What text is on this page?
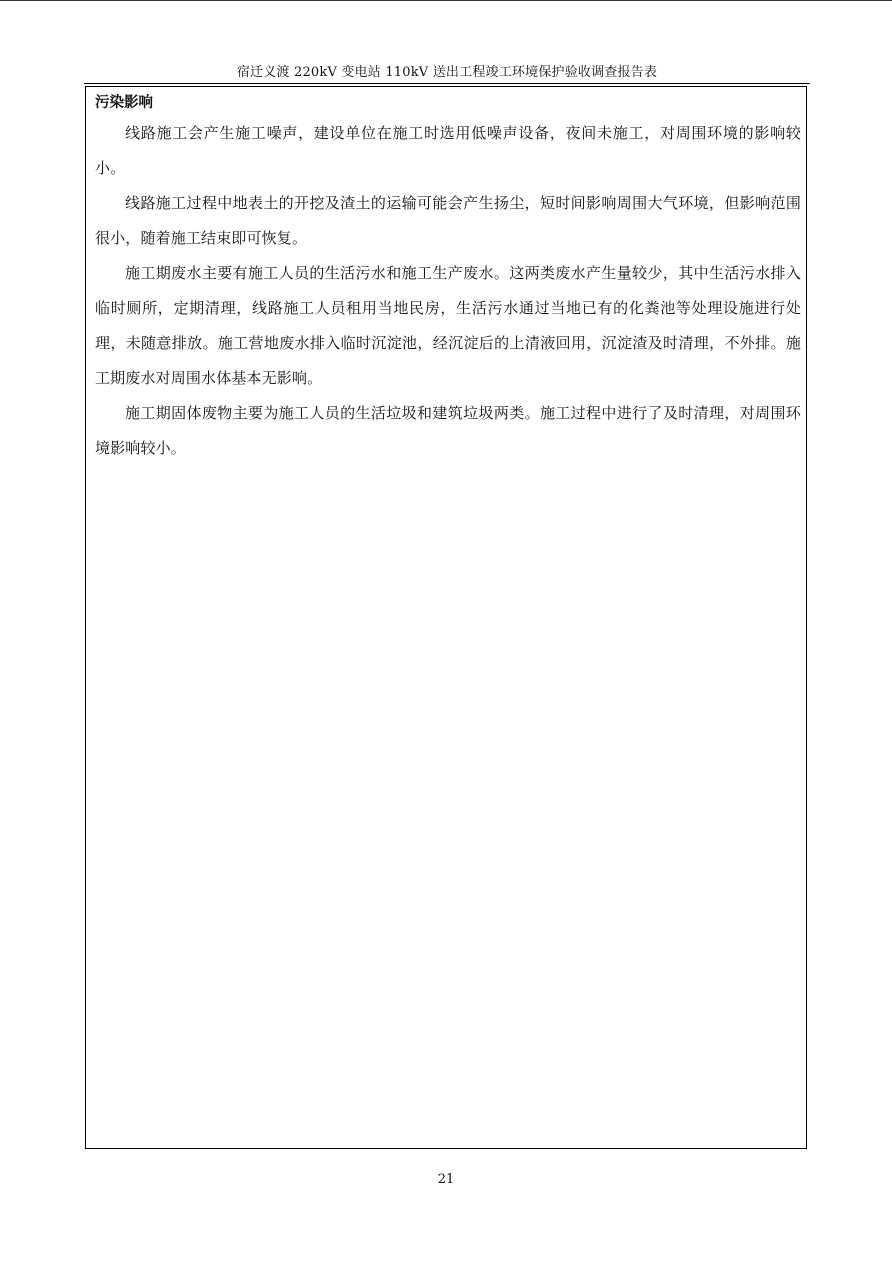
宿迁义渡 220kV 变电站 110kV 送出工程竣工环境保护验收调查报告表

污染影响

线路施工会产生施工噪声，建设单位在施工时选用低噪声设备，夜间未施工，对周围环境的影响较小。

线路施工过程中地表土的开挖及渣土的运输可能会产生扬尘，短时间影响周围大气环境，但影响范围很小，随着施工结束即可恢复。

施工期废水主要有施工人员的生活污水和施工生产废水。这两类废水产生量较少，其中生活污水排入临时厕所，定期清理，线路施工人员租用当地民房，生活污水通过当地已有的化粪池等处理设施进行处理，未随意排放。施工营地废水排入临时沉淀池，经沉淀后的上清液回用，沉淀渣及时清理，不外排。施工期废水对周围水体基本无影响。

施工期固体废物主要为施工人员的生活垃圾和建筑垃圾两类。施工过程中进行了及时清理，对周围环境影响较小。

21
